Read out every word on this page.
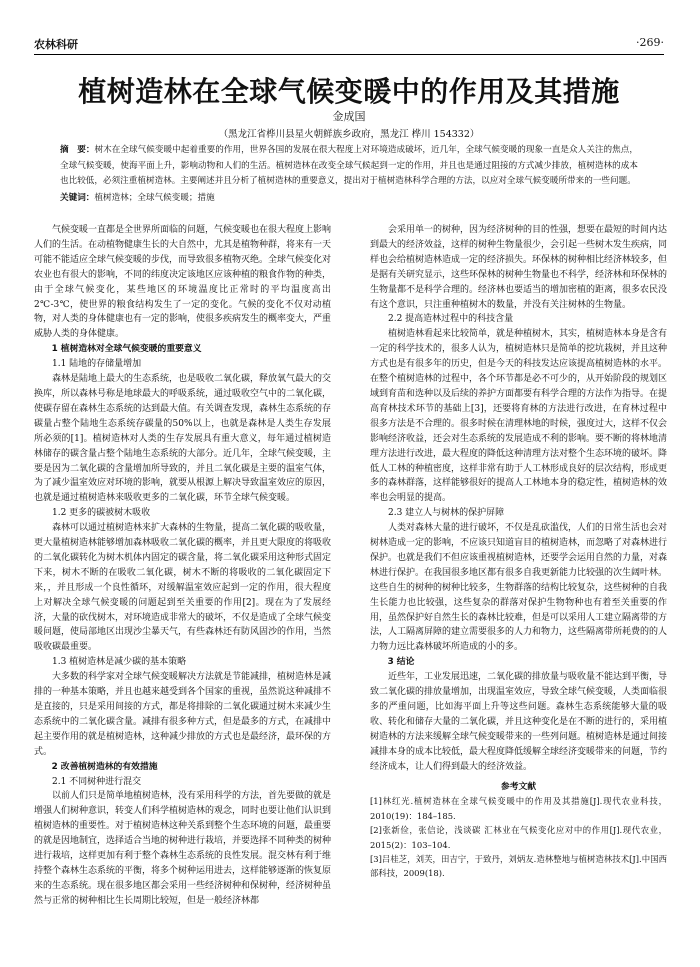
农林科研	·269·
植树造林在全球气候变暖中的作用及其措施
金成国
（黑龙江省桦川县星火朝鲜族乡政府，黑龙江 桦川 154332）
摘　要：树木在全球气候变暖中起着重要的作用，世界各国的发展在很大程度上对环境造成破坏，近几年，全球气候变暖的现象一直是众人关注的焦点，全球气候变暖，使海平面上升，影响动物和人们的生活。植树造林在改变全球气候起到一定的作用，并且也是通过阻接的方式减少排放，植树造林的成本也比较低，必须注重植树造林。主要阐述并且分析了植树造林的重要意义，提出对于植树造林科学合理的方法，以应对全球气候变暖所带来的一些问题。
关键词：植树造林；全球气候变暖；措施

气候变暖一直都是全世界所面临的问题，气候变暖也在很大程度上影响人们的生活。在动植物健康生长的大自然中，尤其是植物种群，将来有一天可能不能适应全球气候变暖的步伐，而导致很多植物灭绝。全球气候变化对农业也有很大的影响，不同的纬度决定该地区应该种植的粮食作物的种类，由于全球气候变化，某些地区的环境温度比正常时的平均温度高出2℃-3℃，使世界的粮食结构发生了一定的变化。气候的变化不仅对动植物，对人类的身体健康也有一定的影响，使很多疾病发生的概率变大，严重威胁人类的身体健康。

1 植树造林对全球气候变暖的重要意义

1.1 陆地的存储量增加

森林是陆地上最大的生态系统，也是吸收二氧化碳，释放氧气最大的交换库，所以森林号称是地球最大的呼吸系统，通过吸收空气中的二氧化碳，使碳存留在森林生态系统的达到最大值。有关调查发现，森林生态系统的存碳量占整个陆地生态系统存碳量的50%以上，也就是森林是人类生存发展所必须的[1]。植树造林对人类的生存发展具有重大意义，每年通过植树造林储存的碳含量占整个陆地生态系统的大部分。近几年，全球气候变暖，主要是因为二氧化碳的含量增加所导致的，并且二氧化碳是主要的温室气体，为了减少温室效应对环境的影响，就要从根源上解决导致温室效应的原因，也就是通过植树造林来吸收更多的二氧化碳，环节全球气候变暖。

1.2 更多的碳被树木吸收

森林可以通过植树造林来扩大森林的生物量，提高二氧化碳的吸收量，更大量植树造林能够增加森林吸收二氧化碳的概率，并且更大限度的将吸收的二氧化碳转化为树木机体内固定的碳含量，将二氧化碳采用这种形式固定下来，树木不断的在吸收二氧化碳，树木不断的将吸收的二氧化碳固定下来，，并且形成一个良性循环，对缓解温室效应起到一定的作用，很大程度上对解决全球气候变暖的问题起到至关重要的作用[2]。现在为了发展经济，大量的砍伐树木，对环境造成非常大的破坏，不仅是造成了全球气候变暖问题，使局部地区出现沙尘暴天气，有些森林还有防风固沙的作用，当然吸收碳最重要。

1.3 植树造林是减少碳的基本策略

大多数的科学家对全球气候变暖解决方法就是节能减排，植树造林是减排的一种基本策略，并且也越来越受到各个国家的重视，虽然说这种减排不是直接的，只是采用间接的方式，都是将排除的二氧化碳通过树木来减少生态系统中的二氧化碳含量。减排有很多种方式，但是最多的方式，在减排中起主要作用的就是植树造林，这种减少排放的方式也是最经济，最环保的方式。

2 改善植树造林的有效措施

2.1 不同树种进行混交

以前人们只是简单地植树造林，没有采用科学的方法，首先要做的就是增强人们树种意识，转变人们科学植树造林的观念，同时也要让他们认识到植树造林的重要性。对于植树造林这种关系到整个生态环境的问题，最重要的就是因地制宜，选择适合当地的树种进行栽培，并要选择不同种类的树种进行栽培，这样更加有利于整个森林生态系统的良性发展。混交林有利于维持整个森林生态系统的平衡，将多个树种运用进去，这样能够逐渐的恢复原来的生态系统。现在很多地区都会采用一些经济树种和保树种，经济树种虽然与正常的树种相比生长周期比较短，但是一般经济林都

会采用单一的树种，因为经济树种的目的性强，想要在最短的时间内达到最大的经济效益，这样的树种生物量很少，会引起一些树木发生疾病，同样也会给植树造林造成一定的经济损失。环保林的树种相比经济林较多，但是据有关研究显示，这些环保林的树种生物量也不科学，经济林和环保林的生物量都不是科学合理的。经济林也要适当的增加密植的距离，很多农民没有这个意识，只注重种植树木的数量，并没有关注树林的生物量。

2.2 提高造林过程中的科技含量

植树造林看起来比较简单，就是种植树木，其实，植树造林本身是含有一定的科学技术的，很多人认为，植树造林只是简单的挖坑栽树，并且这种方式也是有很多年的历史，但是今天的科技发达应该提高植树造林的水平。在整个植树造林的过程中，各个环节都是必不可少的，从开始阶段的规划区域到育苗和选种以及后续的养护方面都要有科学合理的方法作为指导。在提高育林技术环节的基础上[3]，还要将育林的方法进行改进，在育林过程中很多方法是不合理的。很多时候在清理林地的时候，强度过大，这样不仅会影响经济收益，还会对生态系统的发展造成不利的影响。要不断的将林地清理方法进行改进，最大程度的降低这种清理方法对整个生态环境的破坏。降低人工林的种植密度，这样非常有助于人工林形成良好的层次结构，形成更多的森林群落，这样能够很好的提高人工林地本身的稳定性，植树造林的效率也会明显的提高。

2.3 建立人与树林的保护屏障

人类对森林大量的进行破坏，不仅是乱砍滥伐，人们的日常生活也会对树林造成一定的影响，不应该只知道盲目的植树造林，而忽略了对森林进行保护。也就是我们不但应该重视植树造林，还要学会运用自然的力量，对森林进行保护。在我国很多地区都有很多自我更新能力比较强的次生阔叶林。这些自生的树种的树种比较多，生物群落的结构比较复杂，这些树种的自我生长能力也比较强，这些复杂的群落对保护生物物种也有着至关重要的作用，虽然保护好自然生长的森林比较难，但是可以采用人工建立隔离带的方法，人工隔离屏障的建立需要很多的人力和物力，这些隔离带所耗费的的人力物力远比森林破坏所造成的小的多。

3 结论

近些年，工业发展迅速，二氧化碳的排放量与吸收量不能达到平衡，导致二氧化碳的排放量增加，出现温室效应，导致全球气候变暖，人类面临很多的严重问题，比如海平面上升等这些问题。森林生态系统能够大量的吸收、转化和储存大量的二氧化碳，并且这种变化是在不断的进行的，采用植树造林的方法来缓解全球气候变暖带来的一些列问题。植树造林是通过间接减排本身的成本比较低，最大程度降低缓解全球经济变暖带来的问题，节约经济成本，让人们得到最大的经济效益。

参考文献

[1]林红光.植树造林在全球气候变暖中的作用及其措施[J].现代农业科技，2010(19)：184–185.

[2]张新俭，张信论，浅谈碳 汇林业在气候变化应对中的作用[J].现代农业，2015(2)：103–104.

[3]吕桂芝，刘芙，田吉宁，于致丹，刘炳友.造林整地与植树造林技术[J].中国西部科技，2009(18).
